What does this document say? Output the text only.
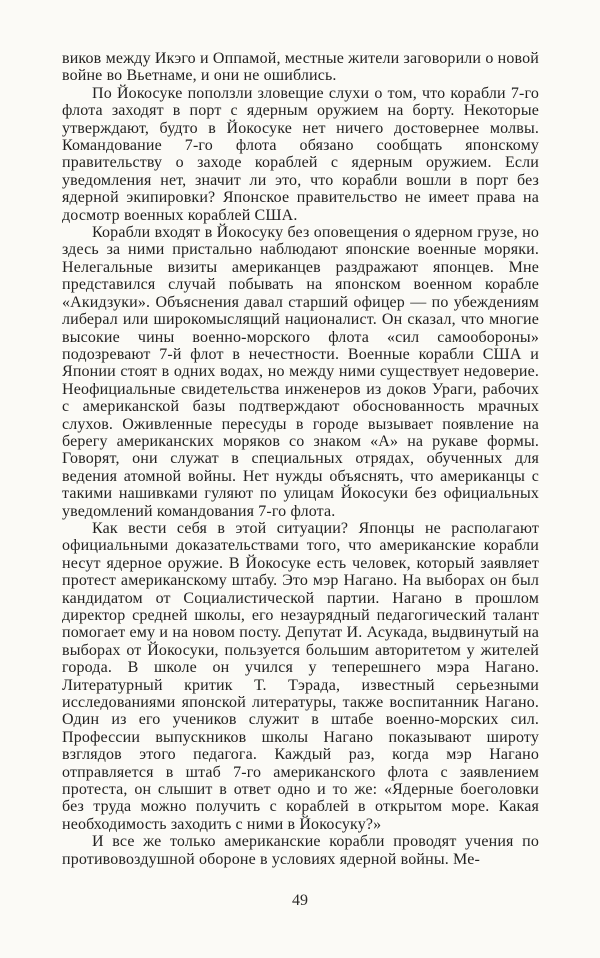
виков между Икэго и Оппамой, местные жители заговорили о новой войне во Вьетнаме, и они не ошиблись.

По Йокосуке поползли зловещие слухи о том, что корабли 7-го флота заходят в порт с ядерным оружием на борту. Некоторые утверждают, будто в Йокосуке нет ничего достовернее молвы. Командование 7-го флота обязано сообщать японскому правительству о заходе кораблей с ядерным оружием. Если уведомления нет, значит ли это, что корабли вошли в порт без ядерной экипировки? Японское правительство не имеет права на досмотр военных кораблей США.

Корабли входят в Йокосуку без оповещения о ядерном грузе, но здесь за ними пристально наблюдают японские военные моряки. Нелегальные визиты американцев раздражают японцев. Мне представился случай побывать на японском военном корабле «Акидзуки». Объяснения давал старший офицер — по убеждениям либерал или широкомыслящий националист. Он сказал, что многие высокие чины военно-морского флота «сил самообороны» подозревают 7-й флот в нечестности. Военные корабли США и Японии стоят в одних водах, но между ними существует недоверие. Неофициальные свидетельства инженеров из доков Ураги, рабочих с американской базы подтверждают обоснованность мрачных слухов. Оживленные пересуды в городе вызывает появление на берегу американских моряков со знаком «А» на рукаве формы. Говорят, они служат в специальных отрядах, обученных для ведения атомной войны. Нет нужды объяснять, что американцы с такими нашивками гуляют по улицам Йокосуки без официальных уведомлений командования 7-го флота.

Как вести себя в этой ситуации? Японцы не располагают официальными доказательствами того, что американские корабли несут ядерное оружие. В Йокосуке есть человек, который заявляет протест американскому штабу. Это мэр Нагано. На выборах он был кандидатом от Социалистической партии. Нагано в прошлом директор средней школы, его незаурядный педагогический талант помогает ему и на новом посту. Депутат И. Асукада, выдвинутый на выборах от Йокосуки, пользуется большим авторитетом у жителей города. В школе он учился у теперешнего мэра Нагано. Литературный критик Т. Тэрада, известный серьезными исследованиями японской литературы, также воспитанник Нагано. Один из его учеников служит в штабе военно-морских сил. Профессии выпускников школы Нагано показывают широту взглядов этого педагога. Каждый раз, когда мэр Нагано отправляется в штаб 7-го американского флота с заявлением протеста, он слышит в ответ одно и то же: «Ядерные боеголовки без труда можно получить с кораблей в открытом море. Какая необходимость заходить с ними в Йокосуку?»

И все же только американские корабли проводят учения по противовоздушной обороне в условиях ядерной войны. Ме-

49
